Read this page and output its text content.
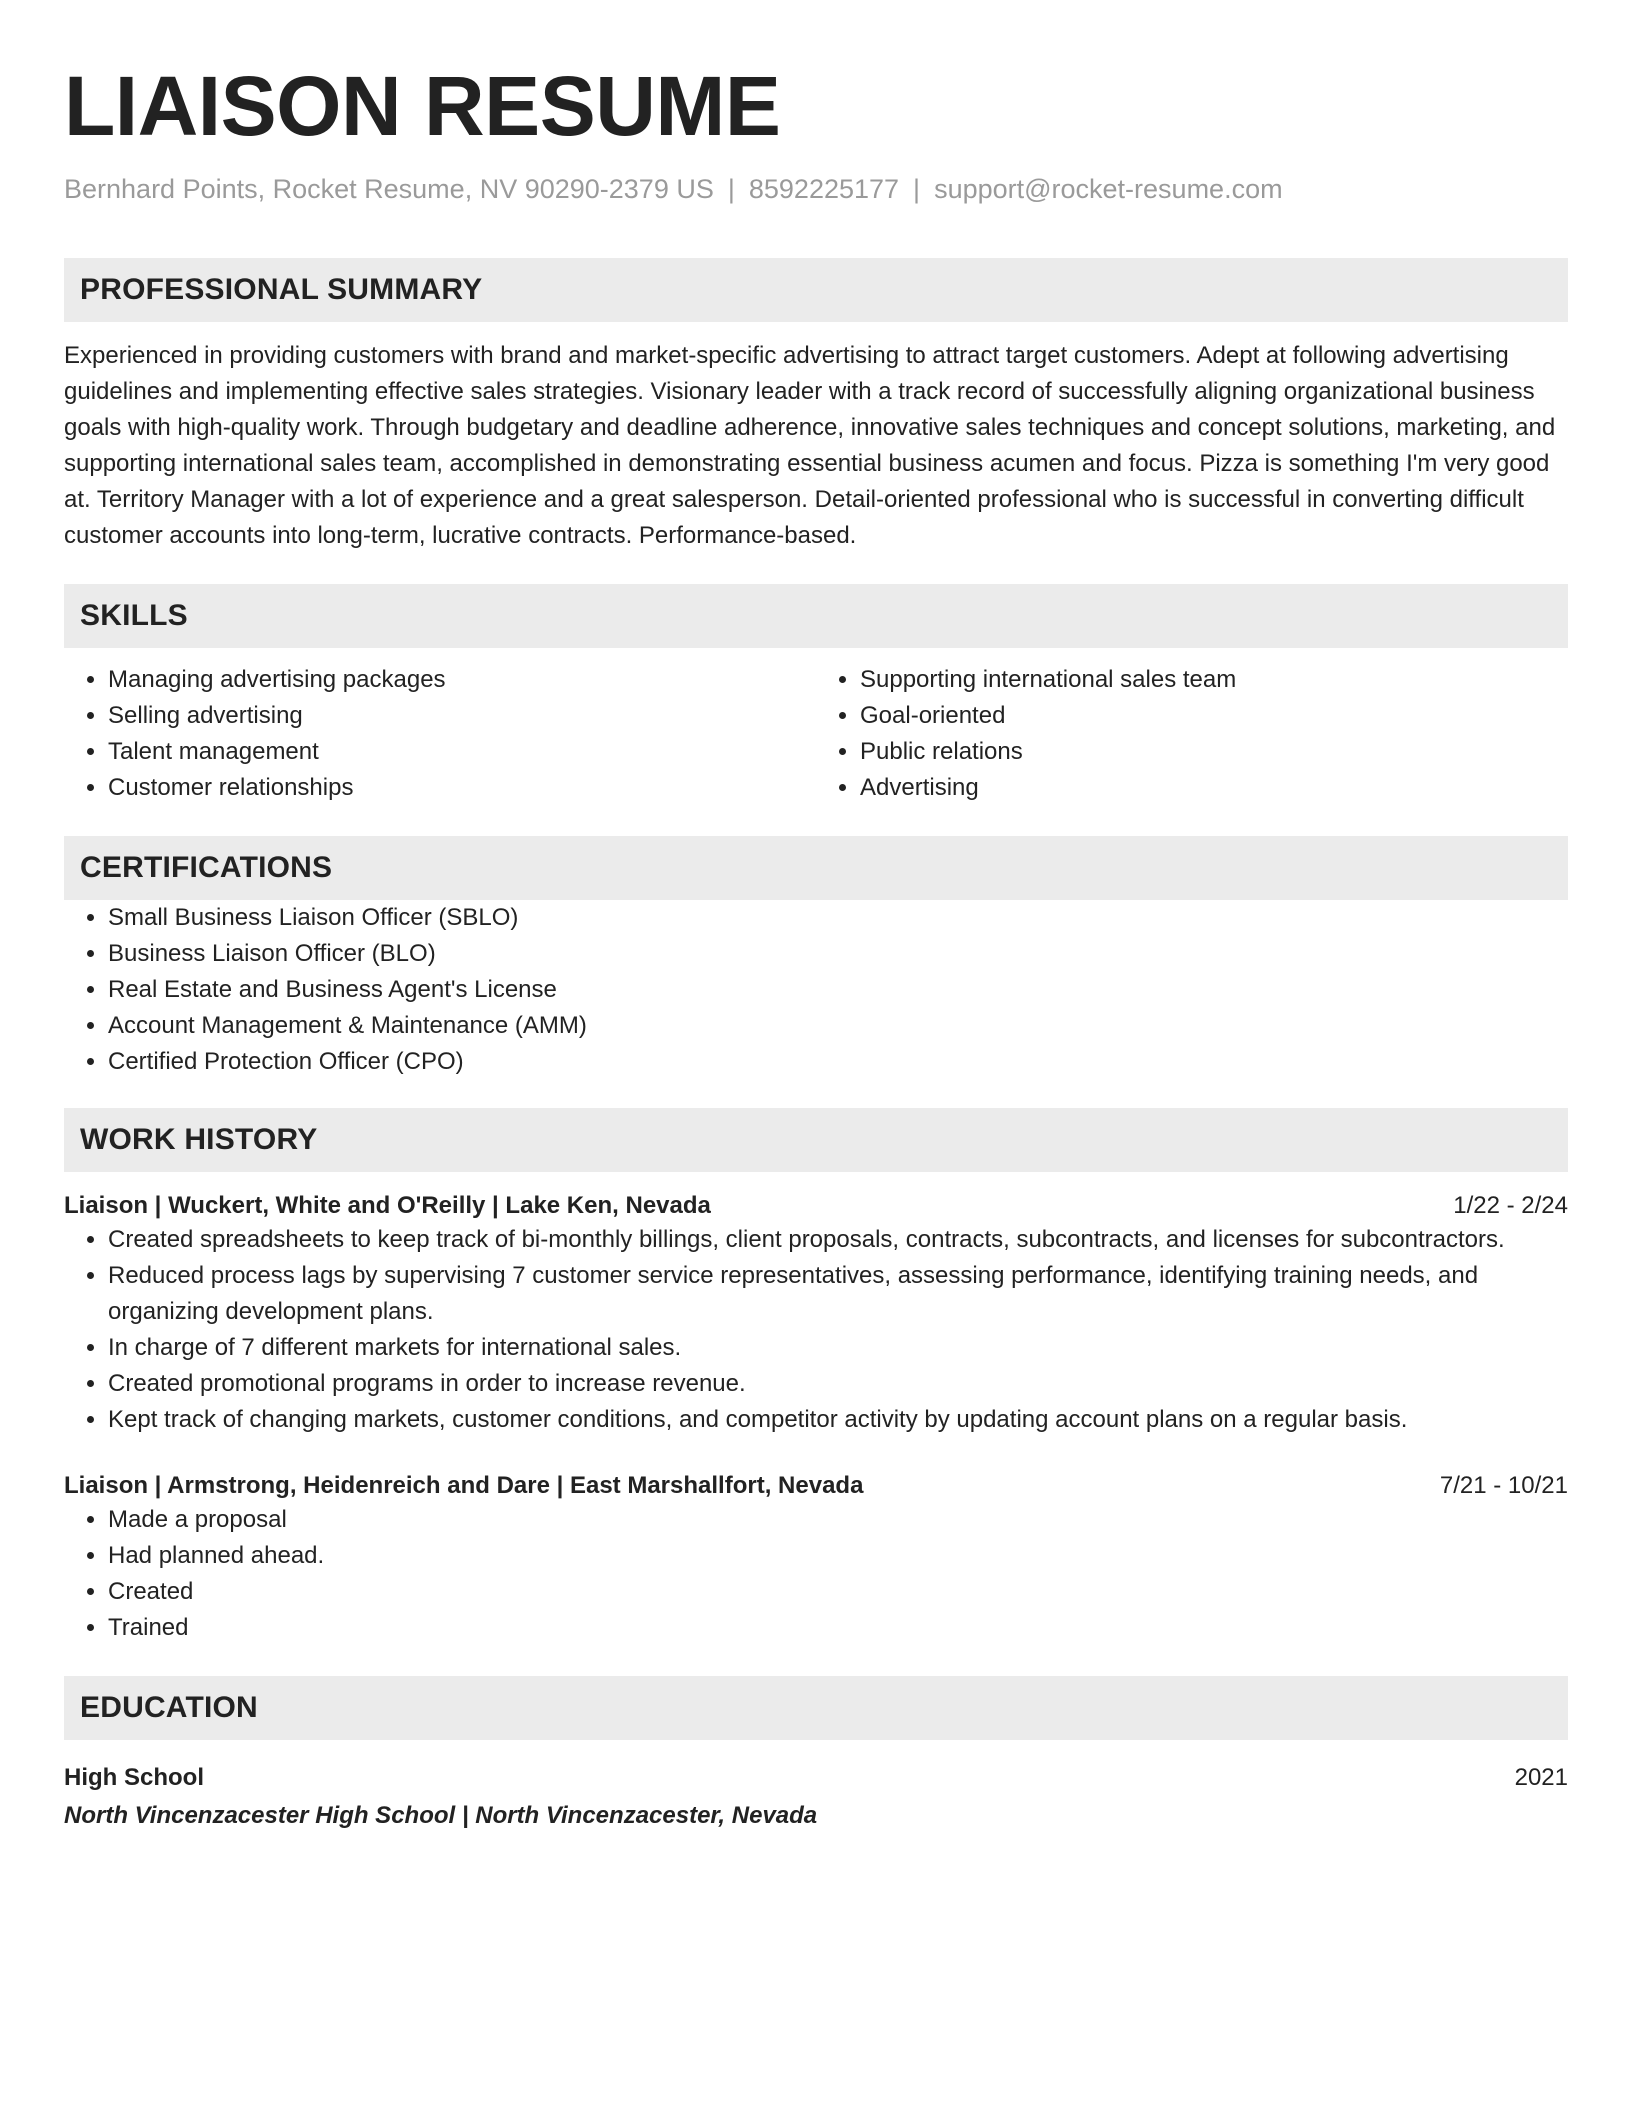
LIAISON RESUME
Bernhard Points, Rocket Resume, NV 90290-2379 US | 8592225177 | support@rocket-resume.com
PROFESSIONAL SUMMARY
Experienced in providing customers with brand and market-specific advertising to attract target customers. Adept at following advertising guidelines and implementing effective sales strategies. Visionary leader with a track record of successfully aligning organizational business goals with high-quality work. Through budgetary and deadline adherence, innovative sales techniques and concept solutions, marketing, and supporting international sales team, accomplished in demonstrating essential business acumen and focus. Pizza is something I'm very good at. Territory Manager with a lot of experience and a great salesperson. Detail-oriented professional who is successful in converting difficult customer accounts into long-term, lucrative contracts. Performance-based.
SKILLS
• Managing advertising packages
• Selling advertising
• Talent management
• Customer relationships
• Supporting international sales team
• Goal-oriented
• Public relations
• Advertising
CERTIFICATIONS
• Small Business Liaison Officer (SBLO)
• Business Liaison Officer (BLO)
• Real Estate and Business Agent's License
• Account Management & Maintenance (AMM)
• Certified Protection Officer (CPO)
WORK HISTORY
Liaison | Wuckert, White and O'Reilly | Lake Ken, Nevada	1/22 - 2/24
• Created spreadsheets to keep track of bi-monthly billings, client proposals, contracts, subcontracts, and licenses for subcontractors.
• Reduced process lags by supervising 7 customer service representatives, assessing performance, identifying training needs, and organizing development plans.
• In charge of 7 different markets for international sales.
• Created promotional programs in order to increase revenue.
• Kept track of changing markets, customer conditions, and competitor activity by updating account plans on a regular basis.
Liaison | Armstrong, Heidenreich and Dare | East Marshallfort, Nevada	7/21 - 10/21
• Made a proposal
• Had planned ahead.
• Created
• Trained
EDUCATION
High School	2021
North Vincenzacester High School | North Vincenzacester, Nevada
